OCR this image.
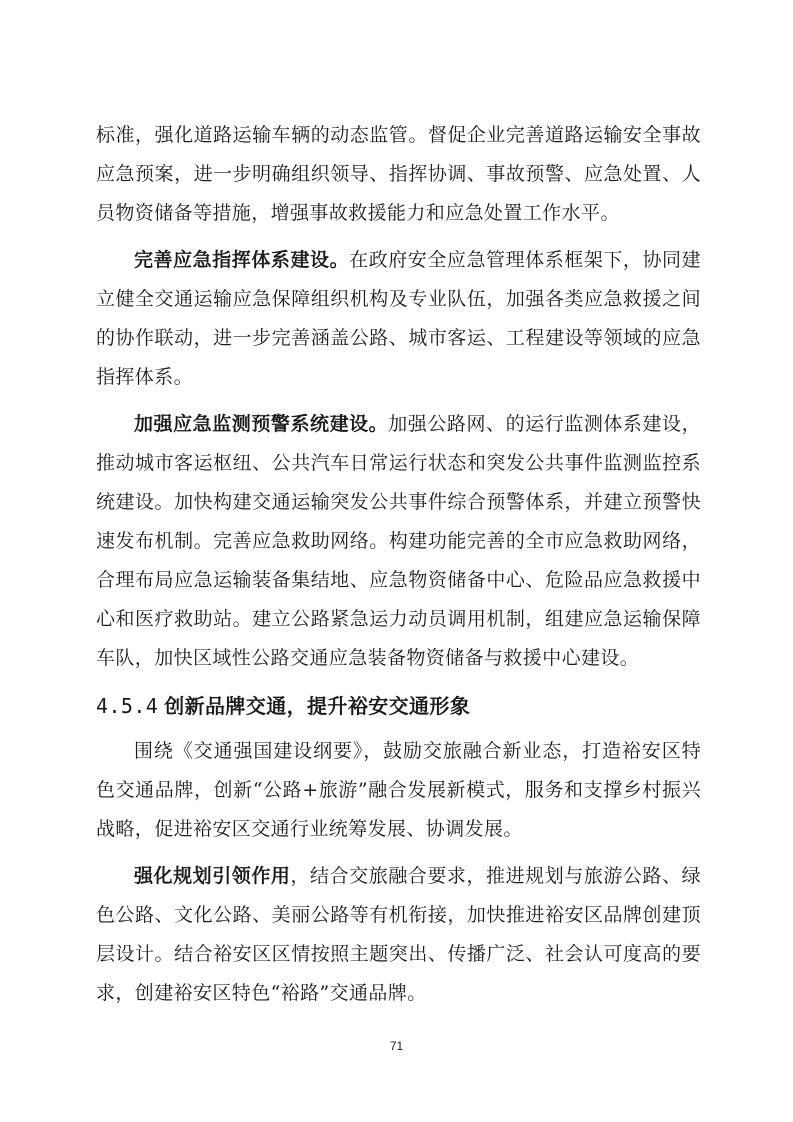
标准，强化道路运输车辆的动态监管。督促企业完善道路运输安全事故应急预案，进一步明确组织领导、指挥协调、事故预警、应急处置、人员物资储备等措施，增强事故救援能力和应急处置工作水平。

完善应急指挥体系建设。在政府安全应急管理体系框架下，协同建立健全交通运输应急保障组织机构及专业队伍，加强各类应急救援之间的协作联动，进一步完善涵盖公路、城市客运、工程建设等领域的应急指挥体系。

加强应急监测预警系统建设。加强公路网、的运行监测体系建设，推动城市客运枢纽、公共汽车日常运行状态和突发公共事件监测监控系统建设。加快构建交通运输突发公共事件综合预警体系，并建立预警快速发布机制。完善应急救助网络。构建功能完善的全市应急救助网络，合理布局应急运输装备集结地、应急物资储备中心、危险品应急救援中心和医疗救助站。建立公路紧急运力动员调用机制，组建应急运输保障车队，加快区域性公路交通应急装备物资储备与救援中心建设。

4.5.4 创新品牌交通，提升裕安交通形象

围绕《交通强国建设纲要》，鼓励交旅融合新业态，打造裕安区特色交通品牌，创新“公路+旅游”融合发展新模式，服务和支撑乡村振兴战略，促进裕安区交通行业统筹发展、协调发展。

强化规划引领作用，结合交旅融合要求，推进规划与旅游公路、绿色公路、文化公路、美丽公路等有机衔接，加快推进裕安区品牌创建顶层设计。结合裕安区区情按照主题突出、传播广泛、社会认可度高的要求，创建裕安区特色“裕路”交通品牌。

71
